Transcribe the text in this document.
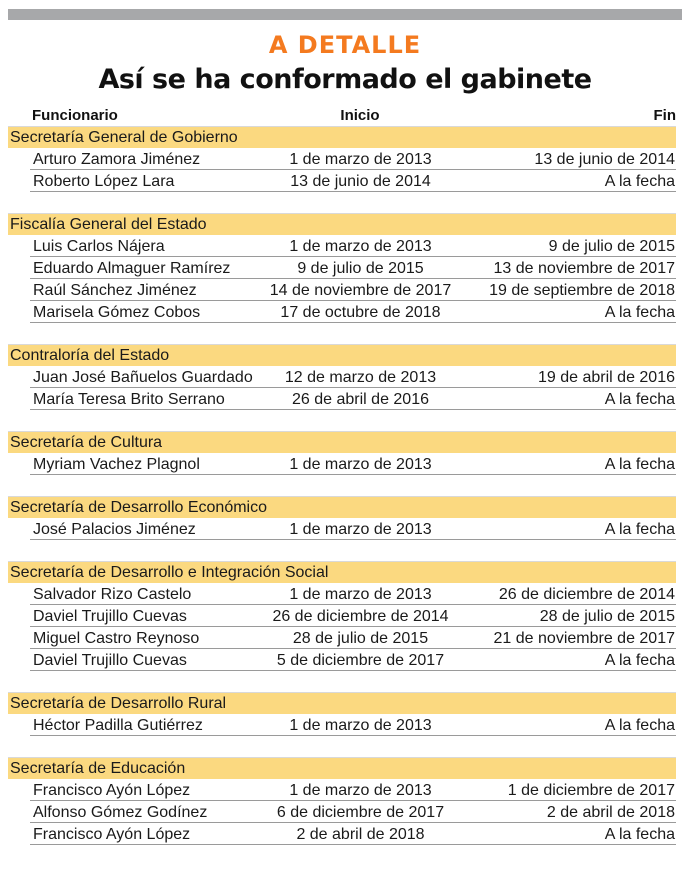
A DETALLE
Así se ha conformado el gabinete
Funcionario	Inicio	Fin
Secretaría General de Gobierno
Arturo Zamora Jiménez	1 de marzo de 2013	13 de junio de 2014
Roberto López Lara	13 de junio de 2014	A la fecha
Fiscalía General del Estado
Luis Carlos Nájera	1 de marzo de 2013	9 de julio de 2015
Eduardo Almaguer Ramírez	9 de julio de 2015	13 de noviembre de 2017
Raúl Sánchez Jiménez	14 de noviembre de 2017	19 de septiembre de 2018
Marisela Gómez Cobos	17 de octubre de 2018	A la fecha
Contraloría del Estado
Juan José Bañuelos Guardado	12 de marzo de 2013	19 de abril de 2016
María Teresa Brito Serrano	26 de abril de 2016	A la fecha
Secretaría de Cultura
Myriam Vachez Plagnol	1 de marzo de 2013	A la fecha
Secretaría de Desarrollo Económico
José Palacios Jiménez	1 de marzo de 2013	A la fecha
Secretaría de Desarrollo e Integración Social
Salvador Rizo Castelo	1 de marzo de 2013	26 de diciembre de 2014
Daviel Trujillo Cuevas	26 de diciembre de 2014	28 de julio de 2015
Miguel Castro Reynoso	28 de julio de 2015	21 de noviembre de 2017
Daviel Trujillo Cuevas	5 de diciembre de 2017	A la fecha
Secretaría de Desarrollo Rural
Héctor Padilla Gutiérrez	1 de marzo de 2013	A la fecha
Secretaría de Educación
Francisco Ayón López	1 de marzo de 2013	1 de diciembre de 2017
Alfonso Gómez Godínez	6 de diciembre de 2017	2 de abril de 2018
Francisco Ayón López	2 de abril de 2018	A la fecha
